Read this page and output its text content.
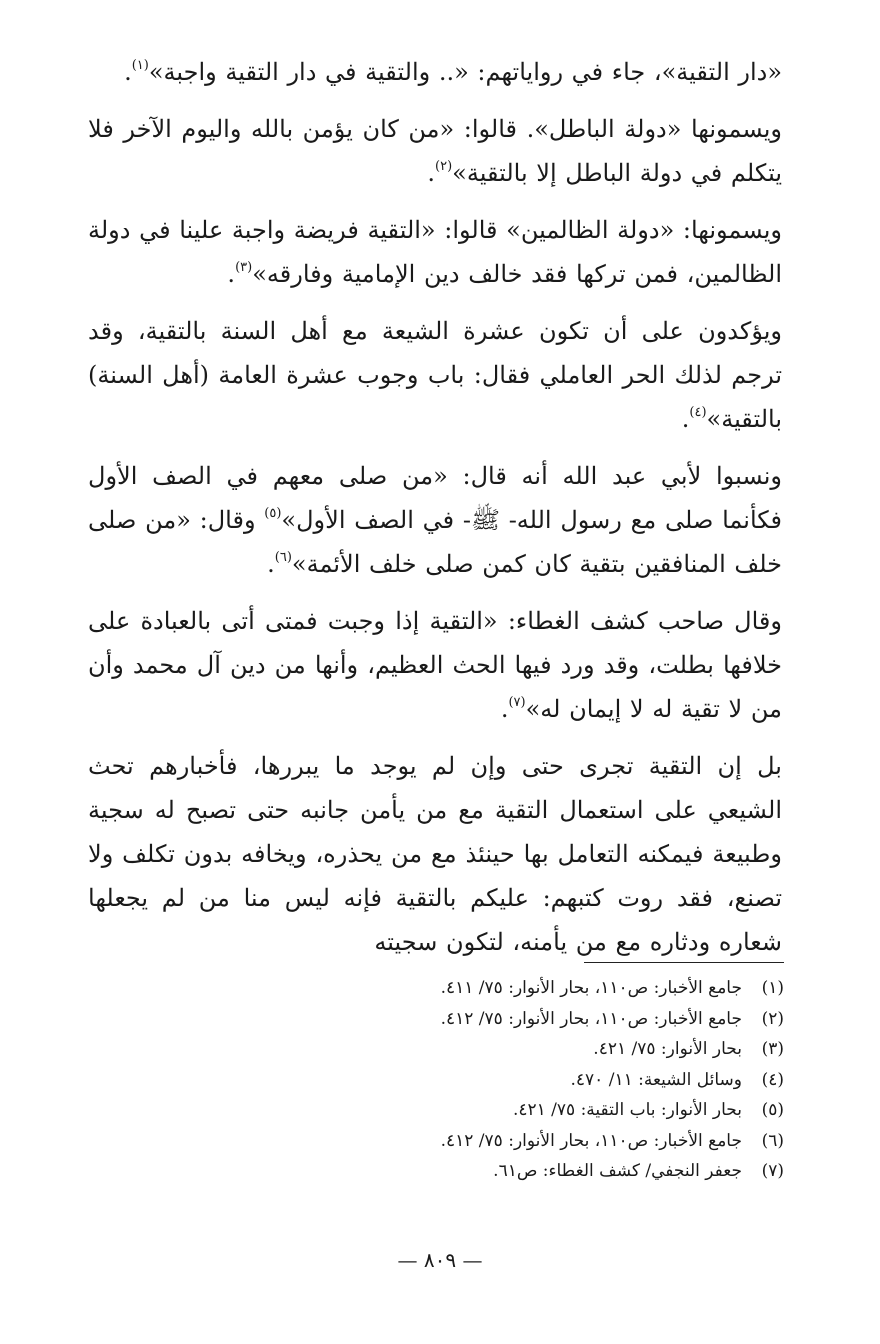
«دار التقية»، جاء في رواياتهم: «.. والتقية في دار التقية واجبة»$^{(١)}$.

ويسمونها «دولة الباطل». قالوا: «من كان يؤمن بالله واليوم الآخر فلا يتكلم في دولة الباطل إلا بالتقية»$^{(٢)}$.

ويسمونها: «دولة الظالمين» قالوا: «التقية فريضة واجبة علينا في دولة الظالمين، فمن تركها فقد خالف دين الإمامية وفارقه»$^{(٣)}$.

ويؤكدون على أن تكون عشرة الشيعة مع أهل السنة بالتقية، وقد ترجم لذلك الحر العاملي فقال: باب وجوب عشرة العامة (أهل السنة) بالتقية»$^{(٤)}$.

ونسبوا لأبي عبد الله أنه قال: «من صلى معهم في الصف الأول فكأنما صلى مع رسول الله- ﷺ- في الصف الأول»$^{(٥)}$ وقال: «من صلى خلف المنافقين بتقية كان كمن صلى خلف الأئمة»$^{(٦)}$.

وقال صاحب كشف الغطاء: «التقية إذا وجبت فمتى أتى بالعبادة على خلافها بطلت، وقد ورد فيها الحث العظيم، وأنها من دين آل محمد وأن من لا تقية له لا إيمان له»$^{(٧)}$.

بل إن التقية تجرى حتى وإن لم يوجد ما يبررها، فأخبارهم تحث الشيعي على استعمال التقية مع من يأمن جانبه حتى تصبح له سجية وطبيعة فيمكنه التعامل بها حينئذ مع من يحذره، ويخافه بدون تكلف ولا تصنع، فقد روت كتبهم: عليكم بالتقية فإنه ليس منا من لم يجعلها شعاره ودثاره مع من يأمنه، لتكون سجيته

(١)
جامع الأخبار: ص١١٠، بحار الأنوار: ٧٥/ ٤١١.
(٢)
جامع الأخبار: ص١١٠، بحار الأنوار: ٧٥/ ٤١٢.
(٣)
بحار الأنوار: ٧٥/ ٤٢١.
(٤)
وسائل الشيعة: ١١/ ٤٧٠.
(٥)
بحار الأنوار: باب التقية: ٧٥/ ٤٢١.
(٦)
جامع الأخبار: ص١١٠، بحار الأنوار: ٧٥/ ٤١٢.
(٧)
جعفر النجفي/ كشف الغطاء: ص٦١.
— ٨٠٩ —
